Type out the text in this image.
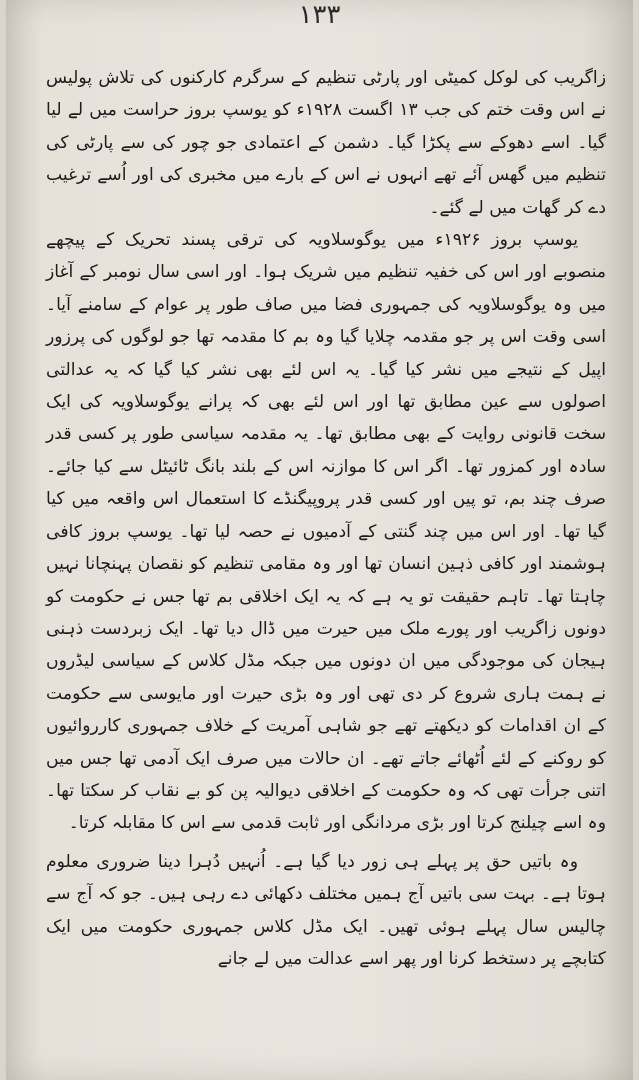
۱۳۳

زاگریب کی لوکل کمیٹی اور پارٹی تنظیم کے سرگرم کارکنوں کی تلاش پولیس نے اس وقت ختم کی جب ۱۳ اگست ۱۹۲۸ء کو یوسپ بروز حراست میں لے لیا گیا۔ اسے دھوکے سے پکڑا گیا۔ دشمن کے اعتمادی جو چور کی سے پارٹی کی تنظیم میں گھس آئے تھے انہوں نے اس کے بارے میں مخبری کی اور اُسے ترغیب دے کر گھات میں لے گئے۔

یوسپ بروز ۱۹۲۶ء میں یوگوسلاویہ کی ترقی پسند تحریک کے پیچھے منصوبے اور اس کی خفیہ تنظیم میں شریک ہوا۔ اور اسی سال نومبر کے آغاز میں وہ یوگوسلاویہ کی جمہوری فضا میں صاف طور پر عوام کے سامنے آیا۔ اسی وقت اس پر جو مقدمہ چلایا گیا وہ بم کا مقدمہ تھا جو لوگوں کی پرزور اپیل کے نتیجے میں نشر کیا گیا۔ یہ اس لئے بھی نشر کیا گیا کہ یہ عدالتی اصولوں سے عین مطابق تھا اور اس لئے بھی کہ پرانے یوگوسلاویہ کی ایک سخت قانونی روایت کے بھی مطابق تھا۔ یہ مقدمہ سیاسی طور پر کسی قدر سادہ اور کمزور تھا۔ اگر اس کا موازنہ اس کے بلند بانگ ٹائیٹل سے کیا جائے۔ صرف چند بم، تو پیں اور کسی قدر پروپیگنڈے کا استعمال اس واقعہ میں کیا گیا تھا۔ اور اس میں چند گنتی کے آدمیوں نے حصہ لیا تھا۔ یوسپ بروز کافی ہوشمند اور کافی ذہین انسان تھا اور وہ مقامی تنظیم کو نقصان پہنچانا نہیں چاہتا تھا۔ تاہم حقیقت تو یہ ہے کہ یہ ایک اخلاقی بم تھا جس نے حکومت کو دونوں زاگریب اور پورے ملک میں حیرت میں ڈال دیا تھا۔ ایک زبردست ذہنی ہیجان کی موجودگی میں ان دونوں میں جبکہ مڈل کلاس کے سیاسی لیڈروں نے ہمت ہاری شروع کر دی تھی اور وہ بڑی حیرت اور مایوسی سے حکومت کے ان اقدامات کو دیکھتے تھے جو شاہی آمریت کے خلاف جمہوری کارروائیوں کو روکنے کے لئے اُٹھائے جاتے تھے۔ ان حالات میں صرف ایک آدمی تھا جس میں اتنی جرأت تھی کہ وہ حکومت کے اخلاقی دیوالیہ پن کو بے نقاب کر سکتا تھا۔ وہ اسے چیلنج کرتا اور بڑی مردانگی اور ثابت قدمی سے اس کا مقابلہ کرتا۔

وہ باتیں حق پر پہلے ہی زور دیا گیا ہے۔ اُنہیں دُہرا دینا ضروری معلوم ہوتا ہے۔ بہت سی باتیں آج ہمیں مختلف دکھائی دے رہی ہیں۔ جو کہ آج سے چالیس سال پہلے ہوئی تھیں۔ ایک مڈل کلاس جمہوری حکومت میں ایک کتابچے پر دستخط کرنا اور پھر اسے عدالت میں لے جانے
